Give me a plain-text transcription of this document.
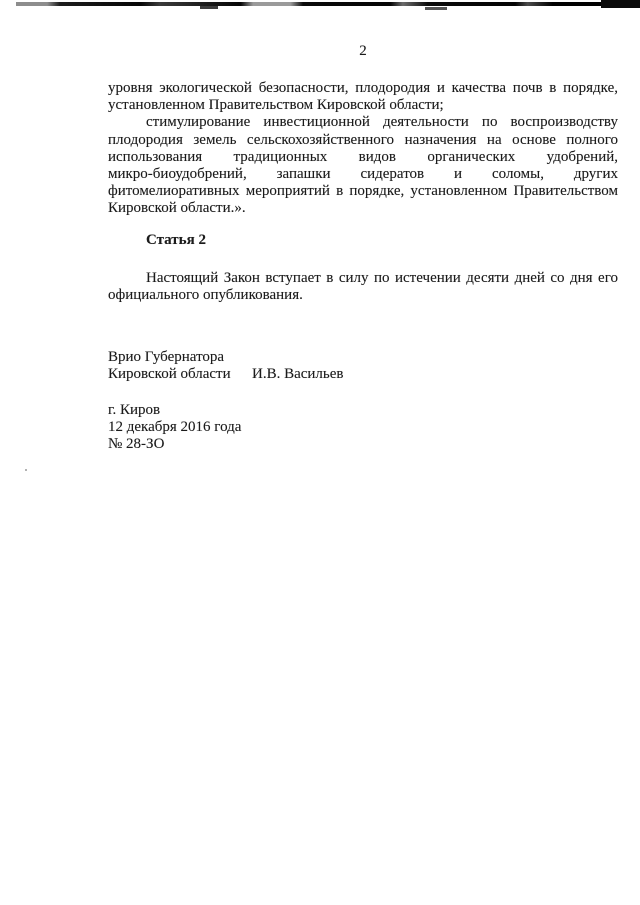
2
уровня экологической безопасности, плодородия и качества почв в порядке,
установленном Правительством Кировской области;
стимулирование инвестиционной деятельности по воспроизводству
плодородия земель сельскохозяйственного назначения на основе полного
использования традиционных видов органических удобрений,
микро-биоудобрений, запашки сидератов и соломы, других
фитомелиоративных мероприятий в порядке, установленном Правительством
Кировской области.».
Статья 2
Настоящий Закон вступает в силу по истечении десяти дней со дня его
официального опубликования.
Врио Губернатора
Кировской области И.В. Васильев
г. Киров
12 декабря 2016 года
№ 28-ЗО
